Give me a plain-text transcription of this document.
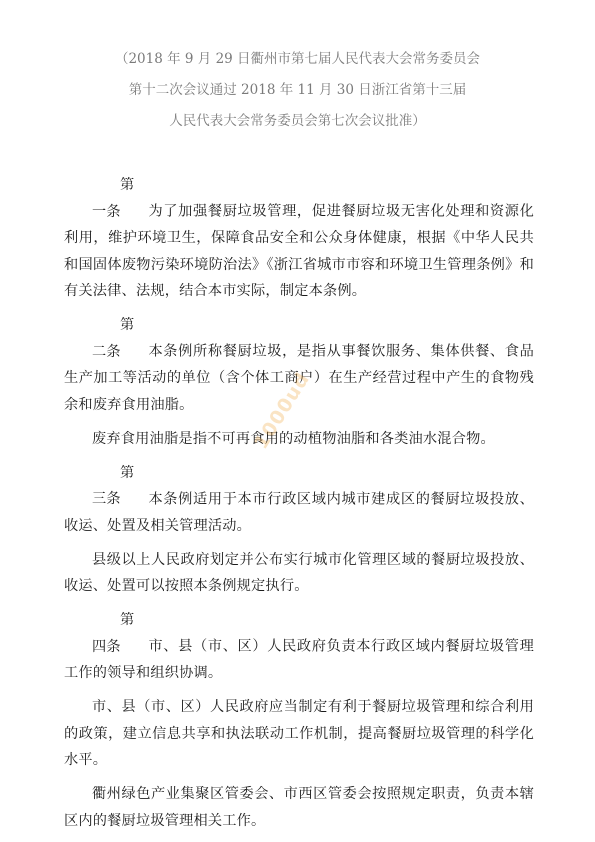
（2018 年 9 月 29 日衢州市第七届人民代表大会常务委员会
第十二次会议通过 2018 年 11 月 30 日浙江省第十三届
人民代表大会常务委员会第七次会议批准）

第一条 为了加强餐厨垃圾管理，促进餐厨垃圾无害化处理和资源化利用，维护环境卫生，保障食品安全和公众身体健康，根据《中华人民共和国固体废物污染环境防治法》《浙江省城市市容和环境卫生管理条例》和有关法律、法规，结合本市实际，制定本条例。

第二条 本条例所称餐厨垃圾，是指从事餐饮服务、集体供餐、食品生产加工等活动的单位（含个体工商户）在生产经营过程中产生的食物残余和废弃食用油脂。

废弃食用油脂是指不可再食用的动植物油脂和各类油水混合物。

第三条 本条例适用于本市行政区域内城市建成区的餐厨垃圾投放、收运、处置及相关管理活动。

县级以上人民政府划定并公布实行城市化管理区域的餐厨垃圾投放、收运、处置可以按照本条例规定执行。

第四条 市、县（市、区）人民政府负责本行政区域内餐厨垃圾管理工作的领导和组织协调。

市、县（市、区）人民政府应当制定有利于餐厨垃圾管理和综合利用的政策，建立信息共享和执法联动工作机制，提高餐厨垃圾管理的科学化水平。

衢州绿色产业集聚区管委会、市西区管委会按照规定职责，负责本辖区内的餐厨垃圾管理相关工作。

1000ud
